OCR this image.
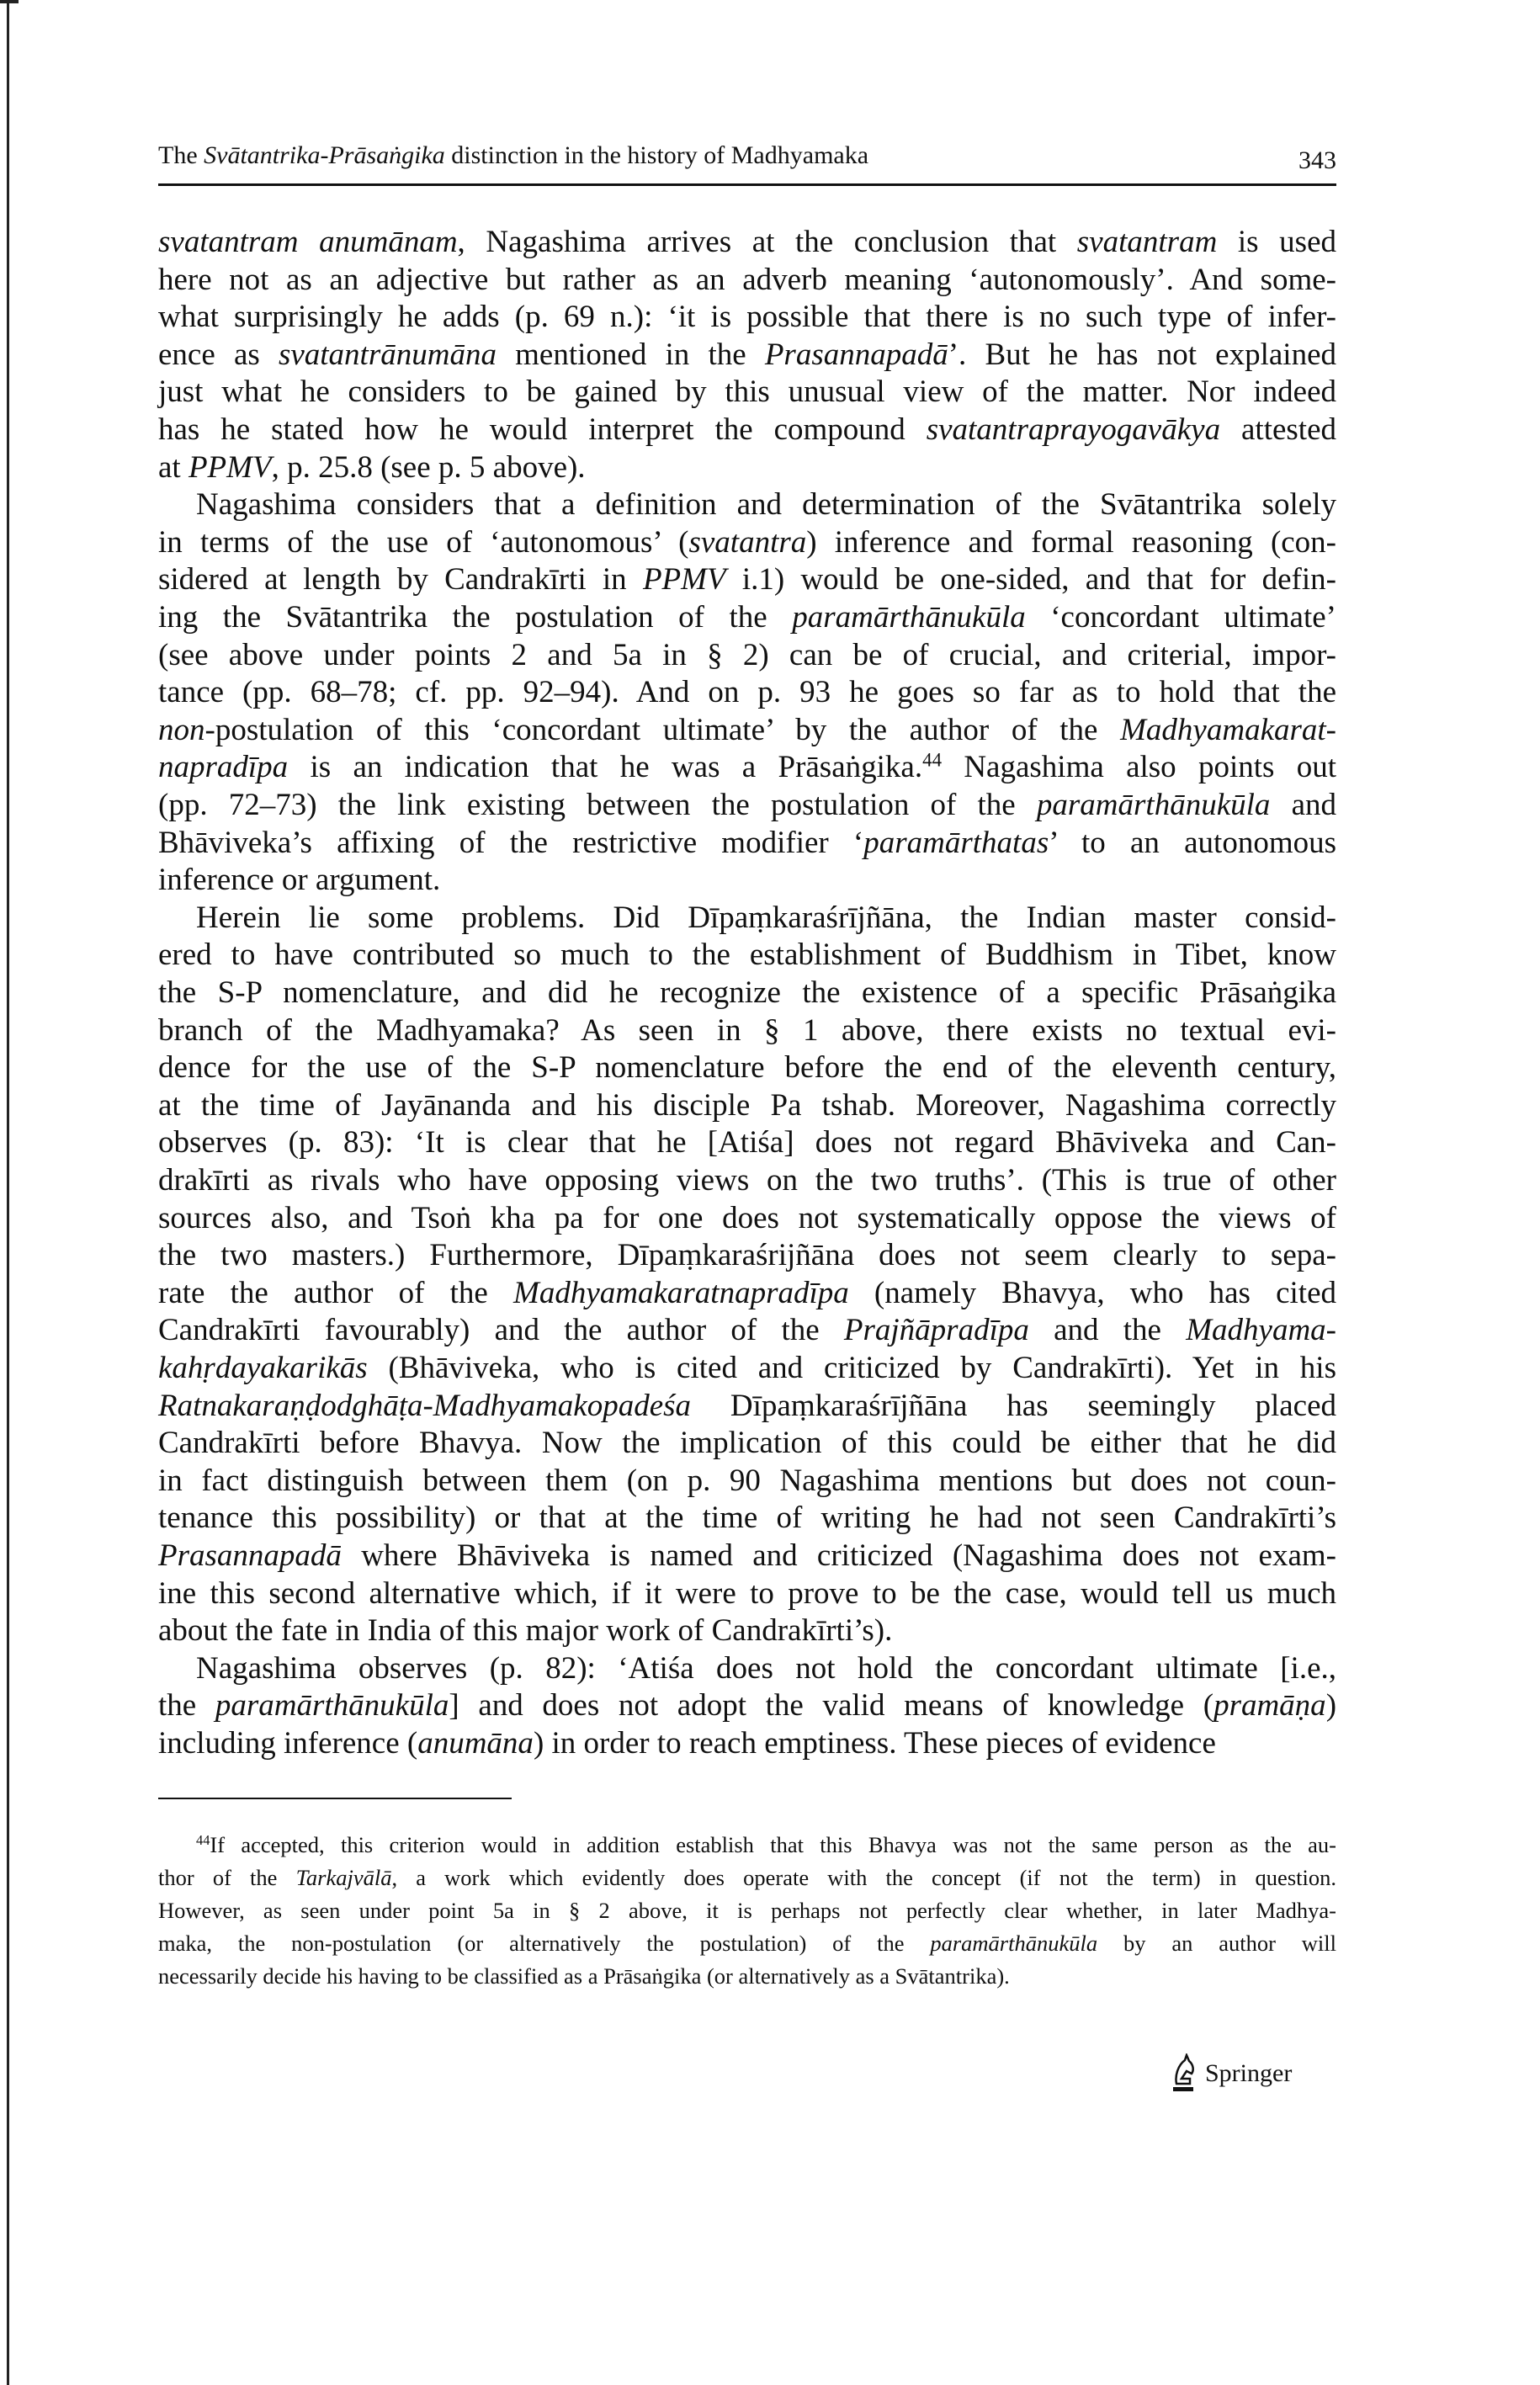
The Svātantrika-Prāsaṅgika distinction in the history of Madhyamaka	343
svatantram anumānam, Nagashima arrives at the conclusion that svatantram is used
here not as an adjective but rather as an adverb meaning ‘autonomously’. And some-
what surprisingly he adds (p. 69 n.): ‘it is possible that there is no such type of infer-
ence as svatantrānumāna mentioned in the Prasannapadā’. But he has not explained
just what he considers to be gained by this unusual view of the matter. Nor indeed
has he stated how he would interpret the compound svatantraprayogavākya attested
at PPMV, p. 25.8 (see p. 5 above).
Nagashima considers that a definition and determination of the Svātantrika solely
in terms of the use of ‘autonomous’ (svatantra) inference and formal reasoning (con-
sidered at length by Candrakīrti in PPMV i.1) would be one-sided, and that for defin-
ing the Svātantrika the postulation of the paramārthānukūla ‘concordant ultimate’
(see above under points 2 and 5a in § 2) can be of crucial, and criterial, impor-
tance (pp. 68–78; cf. pp. 92–94). And on p. 93 he goes so far as to hold that the
non-postulation of this ‘concordant ultimate’ by the author of the Madhyamakarat-
napradīpa is an indication that he was a Prāsaṅgika.$^{44}$ Nagashima also points out
(pp. 72–73) the link existing between the postulation of the paramārthānukūla and
Bhāviveka’s affixing of the restrictive modifier ‘paramārthatas’ to an autonomous
inference or argument.
Herein lie some problems. Did Dīpaṃkaraśrījñāna, the Indian master consid-
ered to have contributed so much to the establishment of Buddhism in Tibet, know
the S-P nomenclature, and did he recognize the existence of a specific Prāsaṅgika
branch of the Madhyamaka? As seen in § 1 above, there exists no textual evi-
dence for the use of the S-P nomenclature before the end of the eleventh century,
at the time of Jayānanda and his disciple Pa tshab. Moreover, Nagashima correctly
observes (p. 83): ‘It is clear that he [Atiśa] does not regard Bhāviveka and Can-
drakīrti as rivals who have opposing views on the two truths’. (This is true of other
sources also, and Tsoṅ kha pa for one does not systematically oppose the views of
the two masters.) Furthermore, Dīpaṃkaraśrijñāna does not seem clearly to sepa-
rate the author of the Madhyamakaratnapradīpa (namely Bhavya, who has cited
Candrakīrti favourably) and the author of the Prajñāpradīpa and the Madhyama-
kahṛdayakarikās (Bhāviveka, who is cited and criticized by Candrakīrti). Yet in his
Ratnakaraṇḍodghāṭa-Madhyamakopadeśa Dīpaṃkaraśrījñāna has seemingly placed
Candrakīrti before Bhavya. Now the implication of this could be either that he did
in fact distinguish between them (on p. 90 Nagashima mentions but does not coun-
tenance this possibility) or that at the time of writing he had not seen Candrakīrti’s
Prasannapadā where Bhāviveka is named and criticized (Nagashima does not exam-
ine this second alternative which, if it were to prove to be the case, would tell us much
about the fate in India of this major work of Candrakīrti’s).
Nagashima observes (p. 82): ‘Atiśa does not hold the concordant ultimate [i.e.,
the paramārthānukūla] and does not adopt the valid means of knowledge (pramāṇa)
including inference (anumāna) in order to reach emptiness. These pieces of evidence
$^{44}$If accepted, this criterion would in addition establish that this Bhavya was not the same person as the au-
thor of the Tarkajvālā, a work which evidently does operate with the concept (if not the term) in question.
However, as seen under point 5a in § 2 above, it is perhaps not perfectly clear whether, in later Madhya-
maka, the non-postulation (or alternatively the postulation) of the paramārthānukūla by an author will
necessarily decide his having to be classified as a Prāsaṅgika (or alternatively as a Svātantrika).
Springer
